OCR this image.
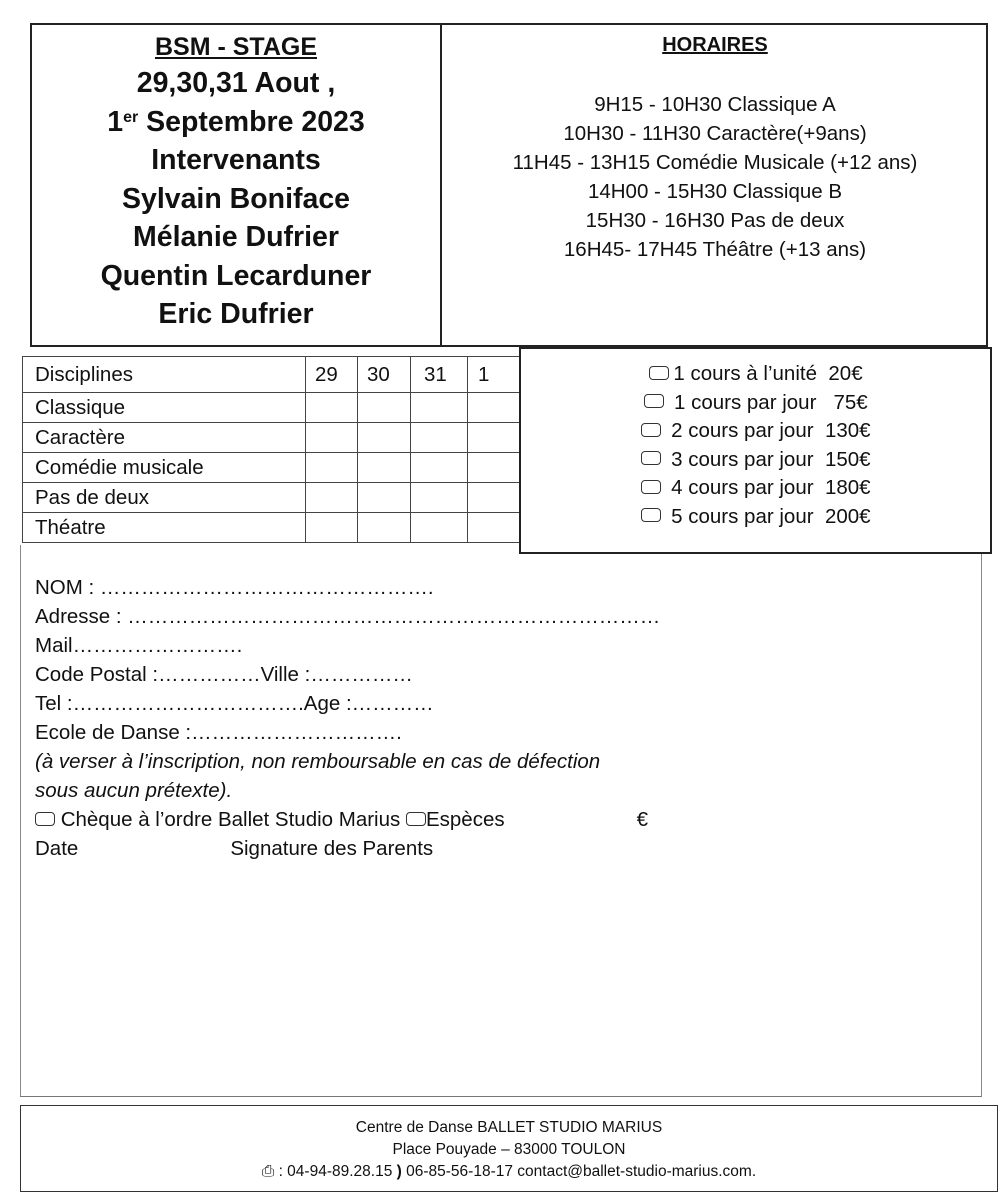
BSM - STAGE
29,30,31 Aout ,
1er Septembre 2023
Intervenants
Sylvain Boniface
Mélanie Dufrier
Quentin Lecarduner
Eric Dufrier
HORAIRES
9H15 - 10H30 Classique A
10H30 - 11H30 Caractère(+9ans)
11H45 - 13H15 Comédie Musicale (+12 ans)
14H00 - 15H30 Classique B
15H30 - 16H30 Pas de deux
16H45- 17H45 Théâtre (+13 ans)
Disciplines	29	30	31	1
Classique				
Caractère				
Comédie musicale				
Pas de deux				
Théatre				
1 cours à l’unité 20€
1 cours par jour   75€
2 cours par jour 130€
3 cours par jour 150€
4 cours par jour 180€
5 cours par jour 200€
NOM : ………………………………………….
Adresse : ……………………………………………………………………
Mail…………………….
Code Postal :……………Ville :……………
Tel :…………………………….Age :…………
Ecole de Danse :………………………….
(à verser à l’inscription, non remboursable en cas de défection
sous aucun prétexte).
Chèque à l’ordre Ballet Studio Marius Espèces	€
Date	Signature des Parents
Centre de Danse BALLET STUDIO MARIUS
Place Pouyade – 83000 TOULON
⎙ : 04-94-89.28.15 ) 06-85-56-18-17 contact@ballet-studio-marius.com.
